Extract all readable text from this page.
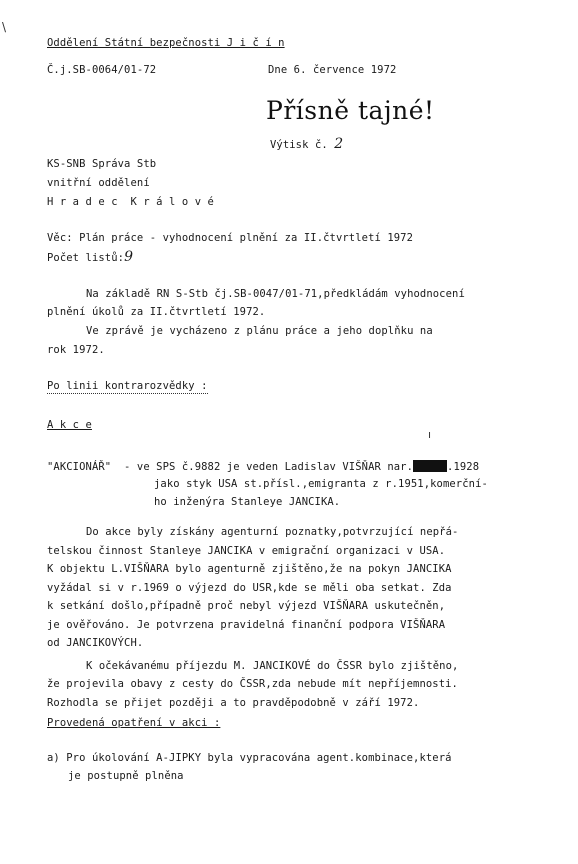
\
Oddělení Státní bezpečnosti J i č í n
Č.j.SB-0064/01-72	Dne 6. července 1972
Přísně tajné!
Výtisk č. 2
KS-SNB Správa Stb
vnitřní oddělení
H r a d e c  K r á l o v é
Věc: Plán práce - vyhodnocení plnění za II.čtvrtletí 1972
Počet listů:9
Na základě RN S-Stb čj.SB-0047/01-71,předkládám vyhodnocení
plnění úkolů za II.čtvrtletí 1972.
Ve zprávě je vycházeno z plánu práce a jeho doplňku na
rok 1972.
Po linii kontrarozvědky :
A k c e
ı
"AKCIONÁŘ"  - ve SPS č.9882 je veden Ladislav VIŠŇAR nar.	.1928
jako styk USA st.přísl.,emigranta z r.1951,komerční-
ho inženýra Stanleye JANCIKA.
Do akce byly získány agenturní poznatky,potvrzující nepřá-
telskou činnost Stanleye JANCIKA v emigrační organizaci v USA.
K objektu L.VIŠŇARA bylo agenturně zjištěno,že na pokyn JANCIKA
vyžádal si v r.1969 o výjezd do USR,kde se měli oba setkat. Zda
k setkání došlo,případně proč nebyl výjezd VIŠŇARA uskutečněn,
je ověřováno. Je potvrzena pravidelná finanční podpora VIŠŇARA
od JANCIKOVÝCH.
K očekávanému příjezdu M. JANCIKOVÉ do ČSSR bylo zjištěno,
že projevila obavy z cesty do ČSSR,zda nebude mít nepříjemnosti.
Rozhodla se přijet později a to pravděpodobně v září 1972.
Provedená opatření v akci :
a) Pro úkolování A-JIPKY byla vypracována agent.kombinace,která
je postupně plněna
